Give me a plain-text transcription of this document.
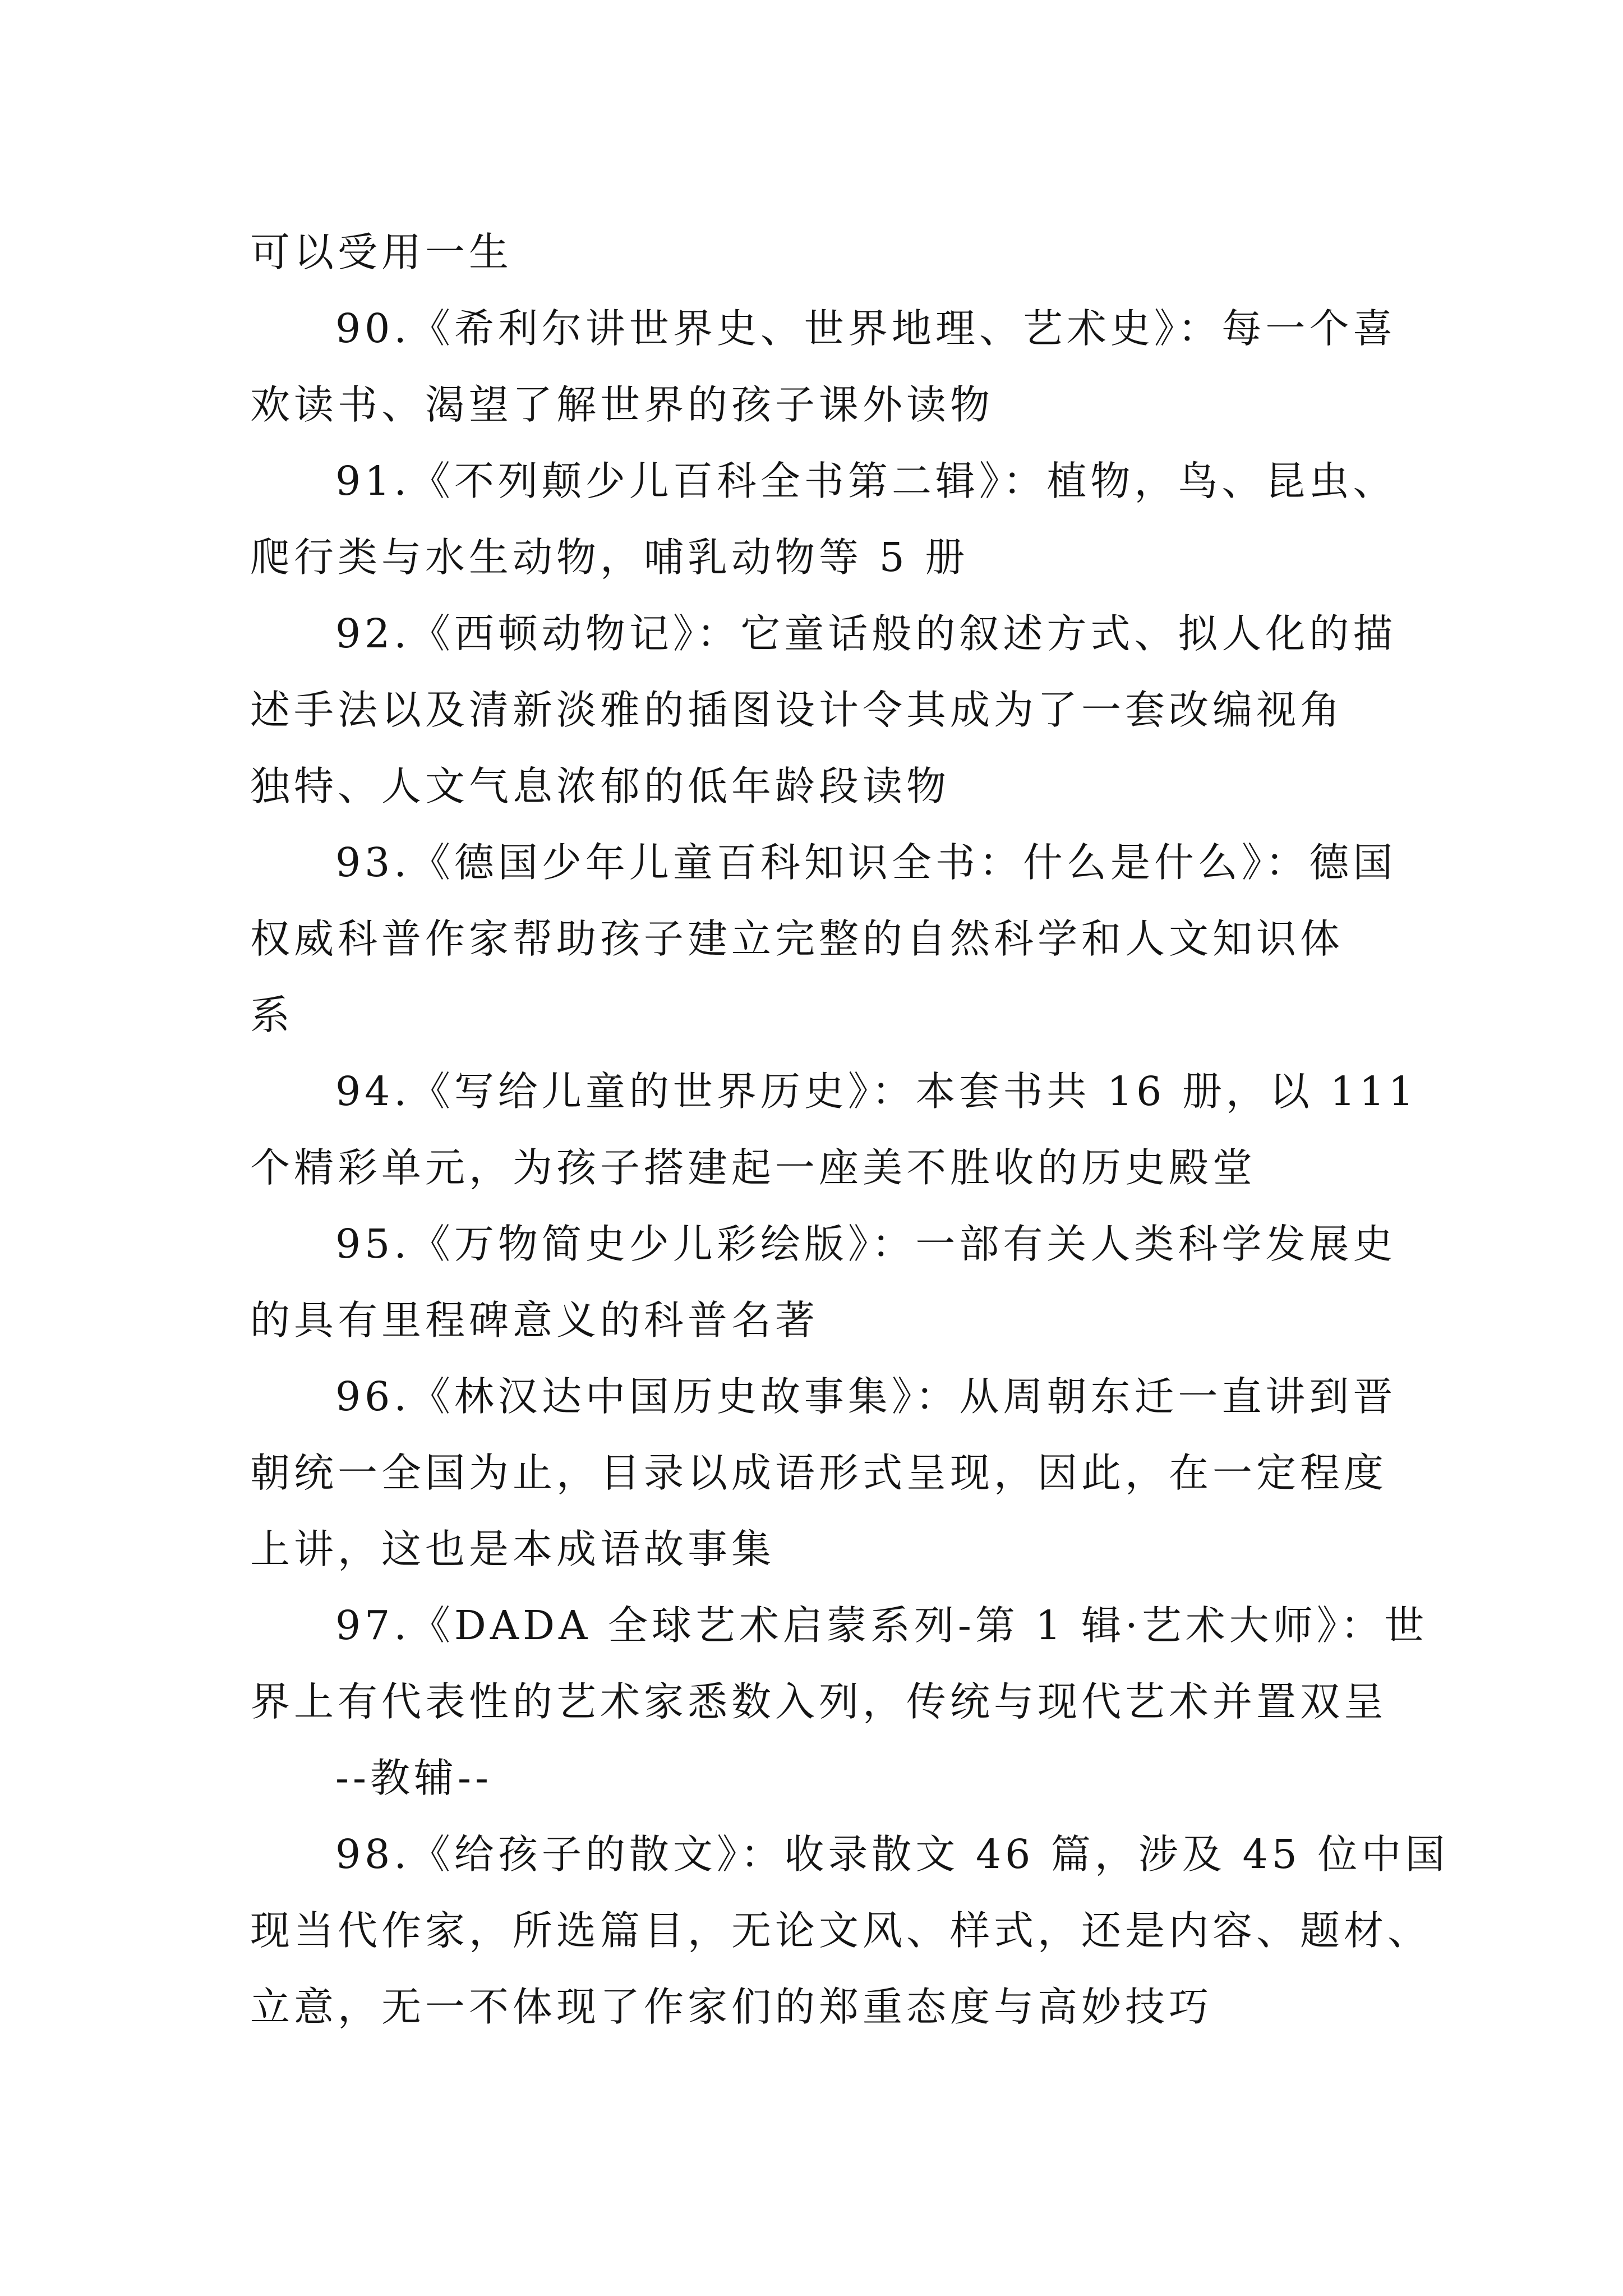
可以受用一生

90.《希利尔讲世界史、世界地理、艺术史》：每一个喜
欢读书、渴望了解世界的孩子课外读物

91.《不列颠少儿百科全书第二辑》：植物，鸟、昆虫、
爬行类与水生动物，哺乳动物等 5 册

92.《西顿动物记》：它童话般的叙述方式、拟人化的描
述手法以及清新淡雅的插图设计令其成为了一套改编视角
独特、人文气息浓郁的低年龄段读物

93.《德国少年儿童百科知识全书：什么是什么》：德国
权威科普作家帮助孩子建立完整的自然科学和人文知识体
系

94.《写给儿童的世界历史》：本套书共 16 册，以 111
个精彩单元，为孩子搭建起一座美不胜收的历史殿堂

95.《万物简史少儿彩绘版》：一部有关人类科学发展史
的具有里程碑意义的科普名著

96.《林汉达中国历史故事集》：从周朝东迁一直讲到晋
朝统一全国为止，目录以成语形式呈现，因此，在一定程度
上讲，这也是本成语故事集

97.《DADA 全球艺术启蒙系列-第 1 辑·艺术大师》：世
界上有代表性的艺术家悉数入列，传统与现代艺术并置双呈

--教辅--

98.《给孩子的散文》：收录散文 46 篇，涉及 45 位中国
现当代作家，所选篇目，无论文风、样式，还是内容、题材、
立意，无一不体现了作家们的郑重态度与高妙技巧
